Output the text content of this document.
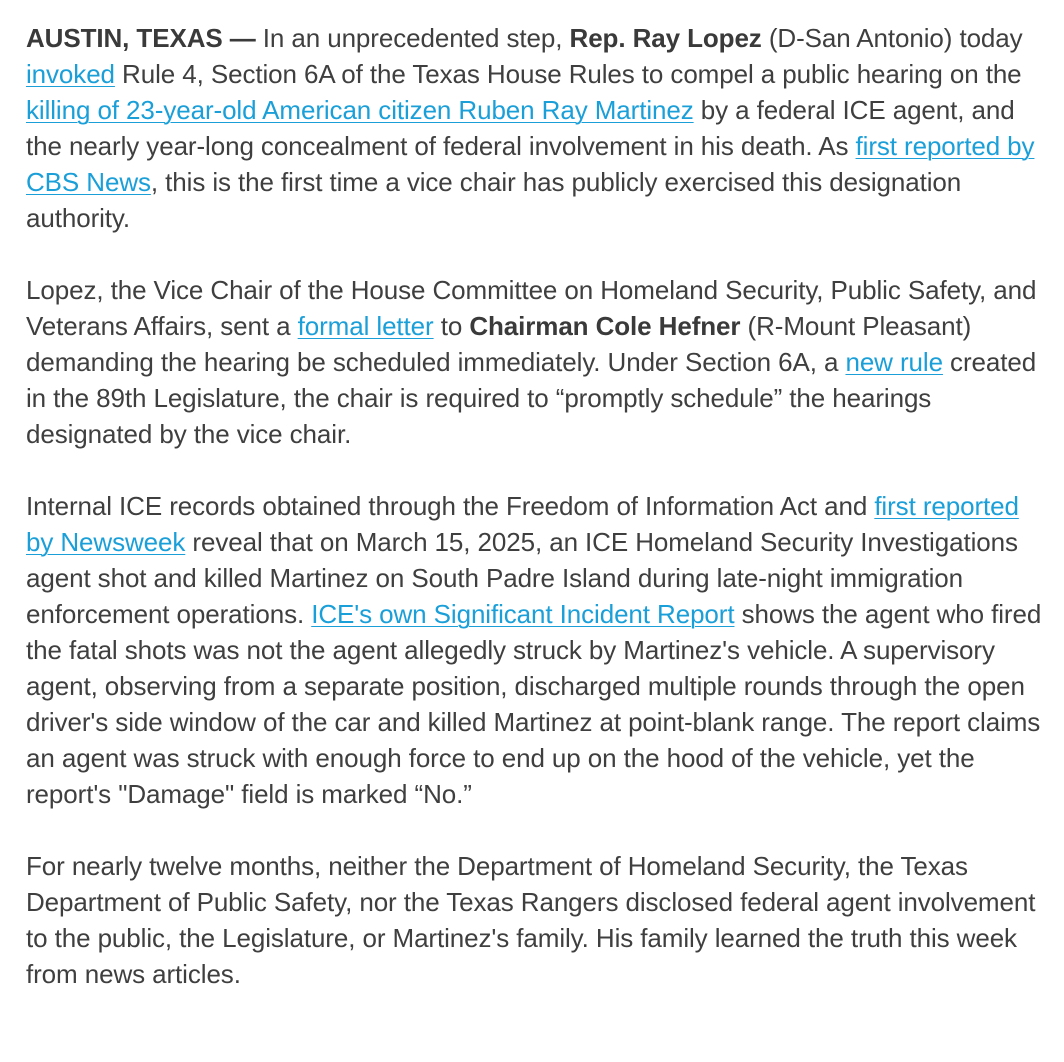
AUSTIN, TEXAS — In an unprecedented step, Rep. Ray Lopez (D-San Antonio) today invoked Rule 4, Section 6A of the Texas House Rules to compel a public hearing on the killing of 23-year-old American citizen Ruben Ray Martinez by a federal ICE agent, and the nearly year-long concealment of federal involvement in his death. As first reported by CBS News, this is the first time a vice chair has publicly exercised this designation authority.

Lopez, the Vice Chair of the House Committee on Homeland Security, Public Safety, and Veterans Affairs, sent a formal letter to Chairman Cole Hefner (R-Mount Pleasant) demanding the hearing be scheduled immediately. Under Section 6A, a new rule created in the 89th Legislature, the chair is required to “promptly schedule” the hearings designated by the vice chair.

Internal ICE records obtained through the Freedom of Information Act and first reported by Newsweek reveal that on March 15, 2025, an ICE Homeland Security Investigations agent shot and killed Martinez on South Padre Island during late-night immigration enforcement operations. ICE's own Significant Incident Report shows the agent who fired the fatal shots was not the agent allegedly struck by Martinez's vehicle. A supervisory agent, observing from a separate position, discharged multiple rounds through the open driver's side window of the car and killed Martinez at point-blank range. The report claims an agent was struck with enough force to end up on the hood of the vehicle, yet the report's "Damage" field is marked “No.”

For nearly twelve months, neither the Department of Homeland Security, the Texas Department of Public Safety, nor the Texas Rangers disclosed federal agent involvement to the public, the Legislature, or Martinez's family. His family learned the truth this week from news articles.
